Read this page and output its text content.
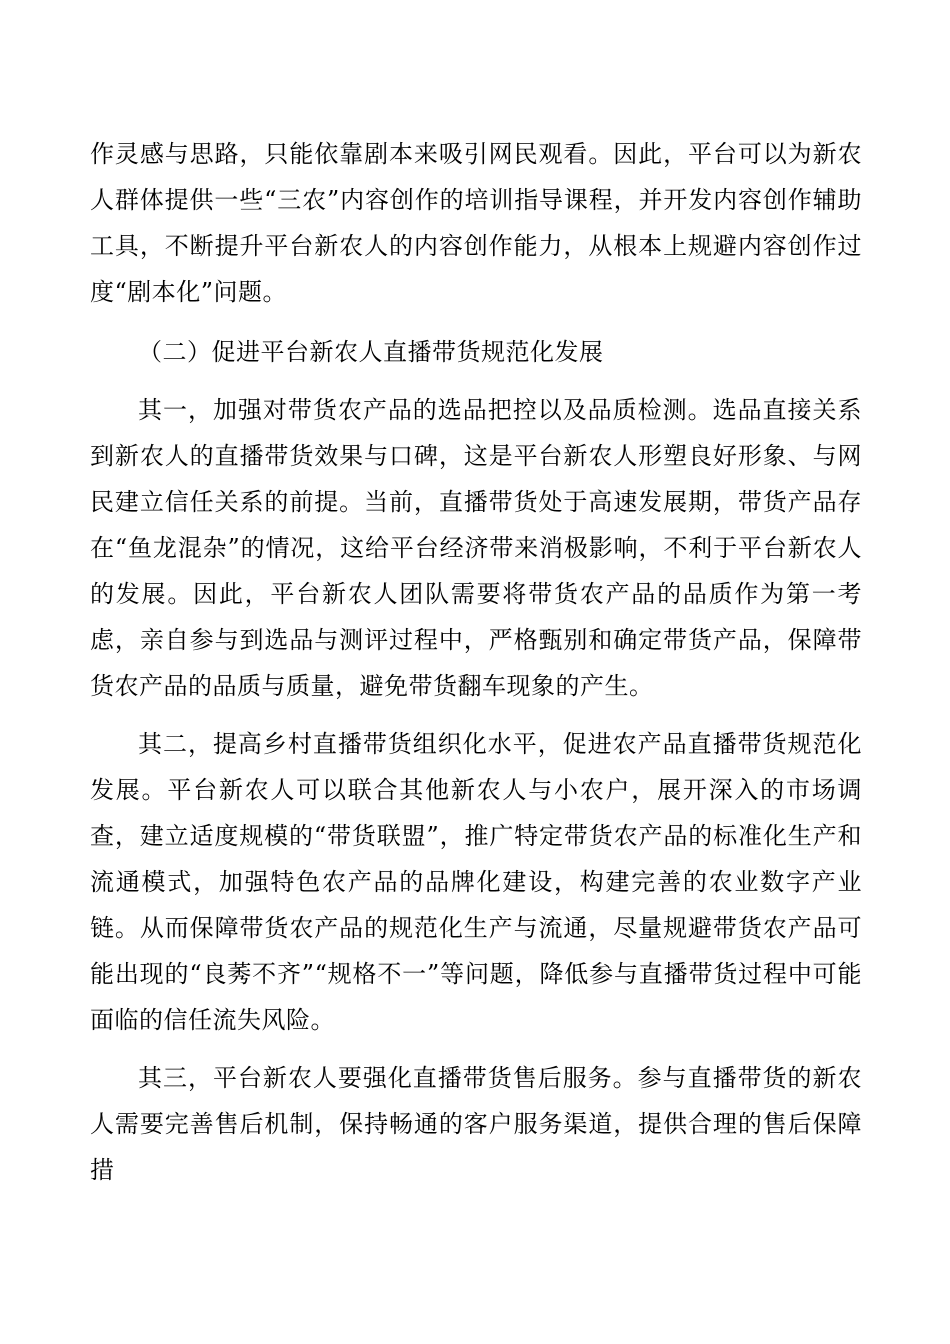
作灵感与思路，只能依靠剧本来吸引网民观看。因此，平台可以为新农人群体提供一些“三农”内容创作的培训指导课程，并开发内容创作辅助工具，不断提升平台新农人的内容创作能力，从根本上规避内容创作过度“剧本化”问题。

（二）促进平台新农人直播带货规范化发展

其一，加强对带货农产品的选品把控以及品质检测。选品直接关系到新农人的直播带货效果与口碑，这是平台新农人形塑良好形象、与网民建立信任关系的前提。当前，直播带货处于高速发展期，带货产品存在“鱼龙混杂”的情况，这给平台经济带来消极影响，不利于平台新农人的发展。因此，平台新农人团队需要将带货农产品的品质作为第一考虑，亲自参与到选品与测评过程中，严格甄别和确定带货产品，保障带货农产品的品质与质量，避免带货翻车现象的产生。

其二，提高乡村直播带货组织化水平，促进农产品直播带货规范化发展。平台新农人可以联合其他新农人与小农户，展开深入的市场调查，建立适度规模的“带货联盟”，推广特定带货农产品的标准化生产和流通模式，加强特色农产品的品牌化建设，构建完善的农业数字产业链。从而保障带货农产品的规范化生产与流通，尽量规避带货农产品可能出现的“良莠不齐”“规格不一”等问题，降低参与直播带货过程中可能面临的信任流失风险。

其三，平台新农人要强化直播带货售后服务。参与直播带货的新农人需要完善售后机制，保持畅通的客户服务渠道，提供合理的售后保障措
